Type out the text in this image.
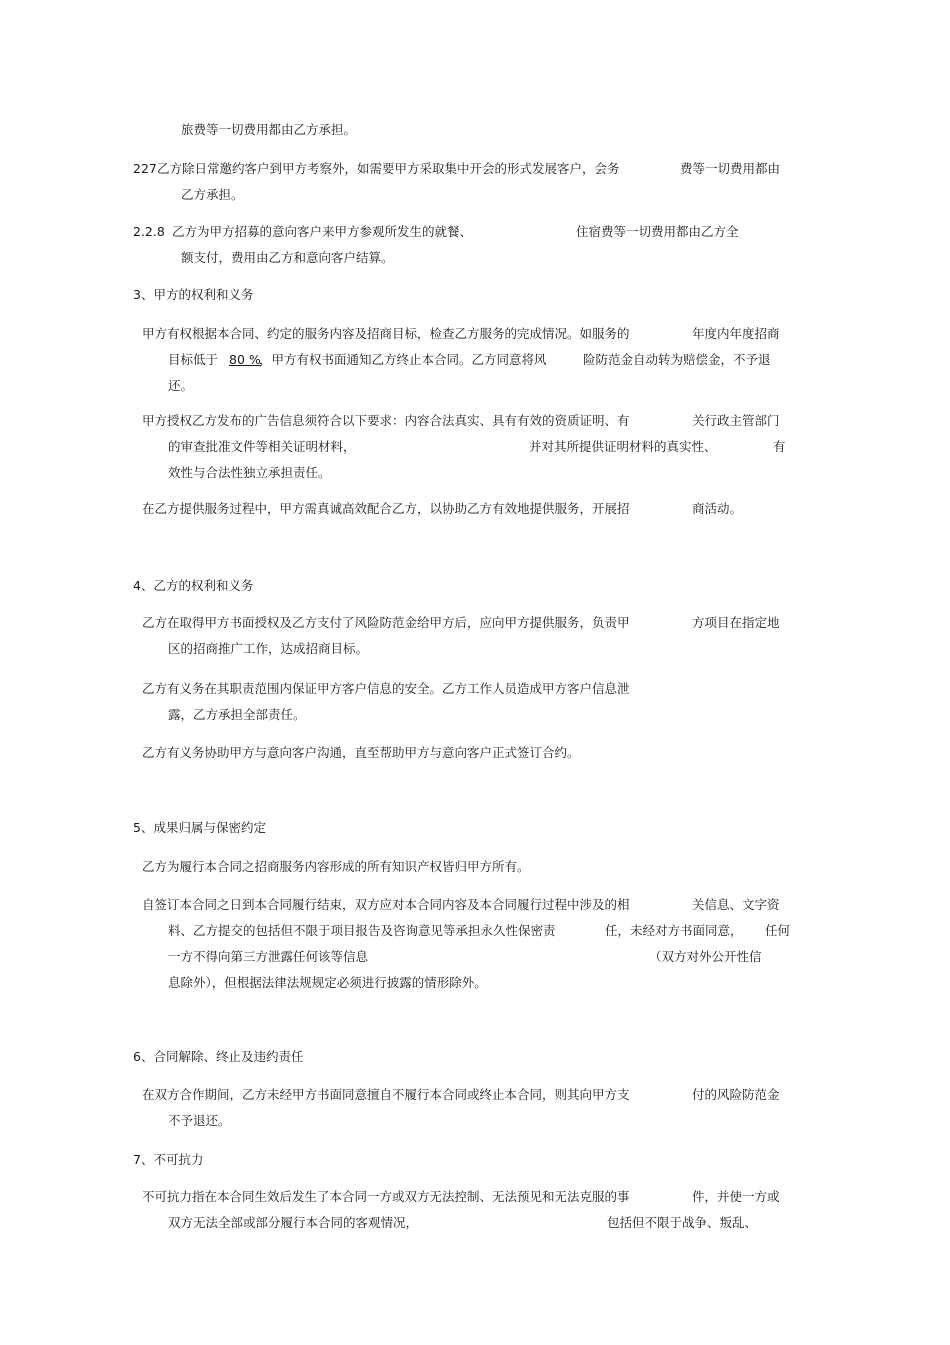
旅费等一切费用都由乙方承担。
227 乙方除日常邀约客户到甲方考察外，如需要甲方采取集中开会的形式发展客户，会务	费等一切费用都由
乙方承担。
2.2.8 乙方为甲方招募的意向客户来甲方参观所发生的就餐、	住宿费等一切费用都由乙方全
额支付，费用由乙方和意向客户结算。
3、甲方的权利和义务
甲方有权根据本合同、约定的服务内容及招商目标，检查乙方服务的完成情况。如服务的	年度内年度招商
目标低于 80 %
，甲方有权书面通知乙方终止本合同。乙方同意将风	险防范金自动转为赔偿金，不予退
还。
甲方授权乙方发布的广告信息须符合以下要求：内容合法真实、具有有效的资质证明、有	关行政主管部门
的审查批准文件等相关证明材料，	并对其所提供证明材料的真实性、	有
效性与合法性独立承担责任。
在乙方提供服务过程中，甲方需真诚高效配合乙方，以协助乙方有效地提供服务，开展招	商活动。
4、乙方的权利和义务
乙方在取得甲方书面授权及乙方支付了风险防范金给甲方后，应向甲方提供服务，负责甲	方项目在指定地
区的招商推广工作，达成招商目标。
乙方有义务在其职责范围内保证甲方客户信息的安全。乙方工作人员造成甲方客户信息泄
露，乙方承担全部责任。
乙方有义务协助甲方与意向客户沟通，直至帮助甲方与意向客户正式签订合约。
5、成果归属与保密约定
乙方为履行本合同之招商服务内容形成的所有知识产权皆归甲方所有。
自签订本合同之日到本合同履行结束，双方应对本合同内容及本合同履行过程中涉及的相	关信息、文字资
料、乙方提交的包括但不限于项目报告及咨询意见等承担永久性保密责	任，未经对方书面同意， 任何
一方不得向第三方泄露任何该等信息	（双方对外公开性信
息除外），但根据法律法规规定必须进行披露的情形除外。
6、合同解除、终止及违约责任
在双方合作期间，乙方未经甲方书面同意擅自不履行本合同或终止本合同，则其向甲方支	付的风险防范金
不予退还。
7、不可抗力
不可抗力指在本合同生效后发生了本合同一方或双方无法控制、无法预见和无法克服的事	件，并使一方或
双方无法全部或部分履行本合同的客观情况，	包括但不限于战争、叛乱、
